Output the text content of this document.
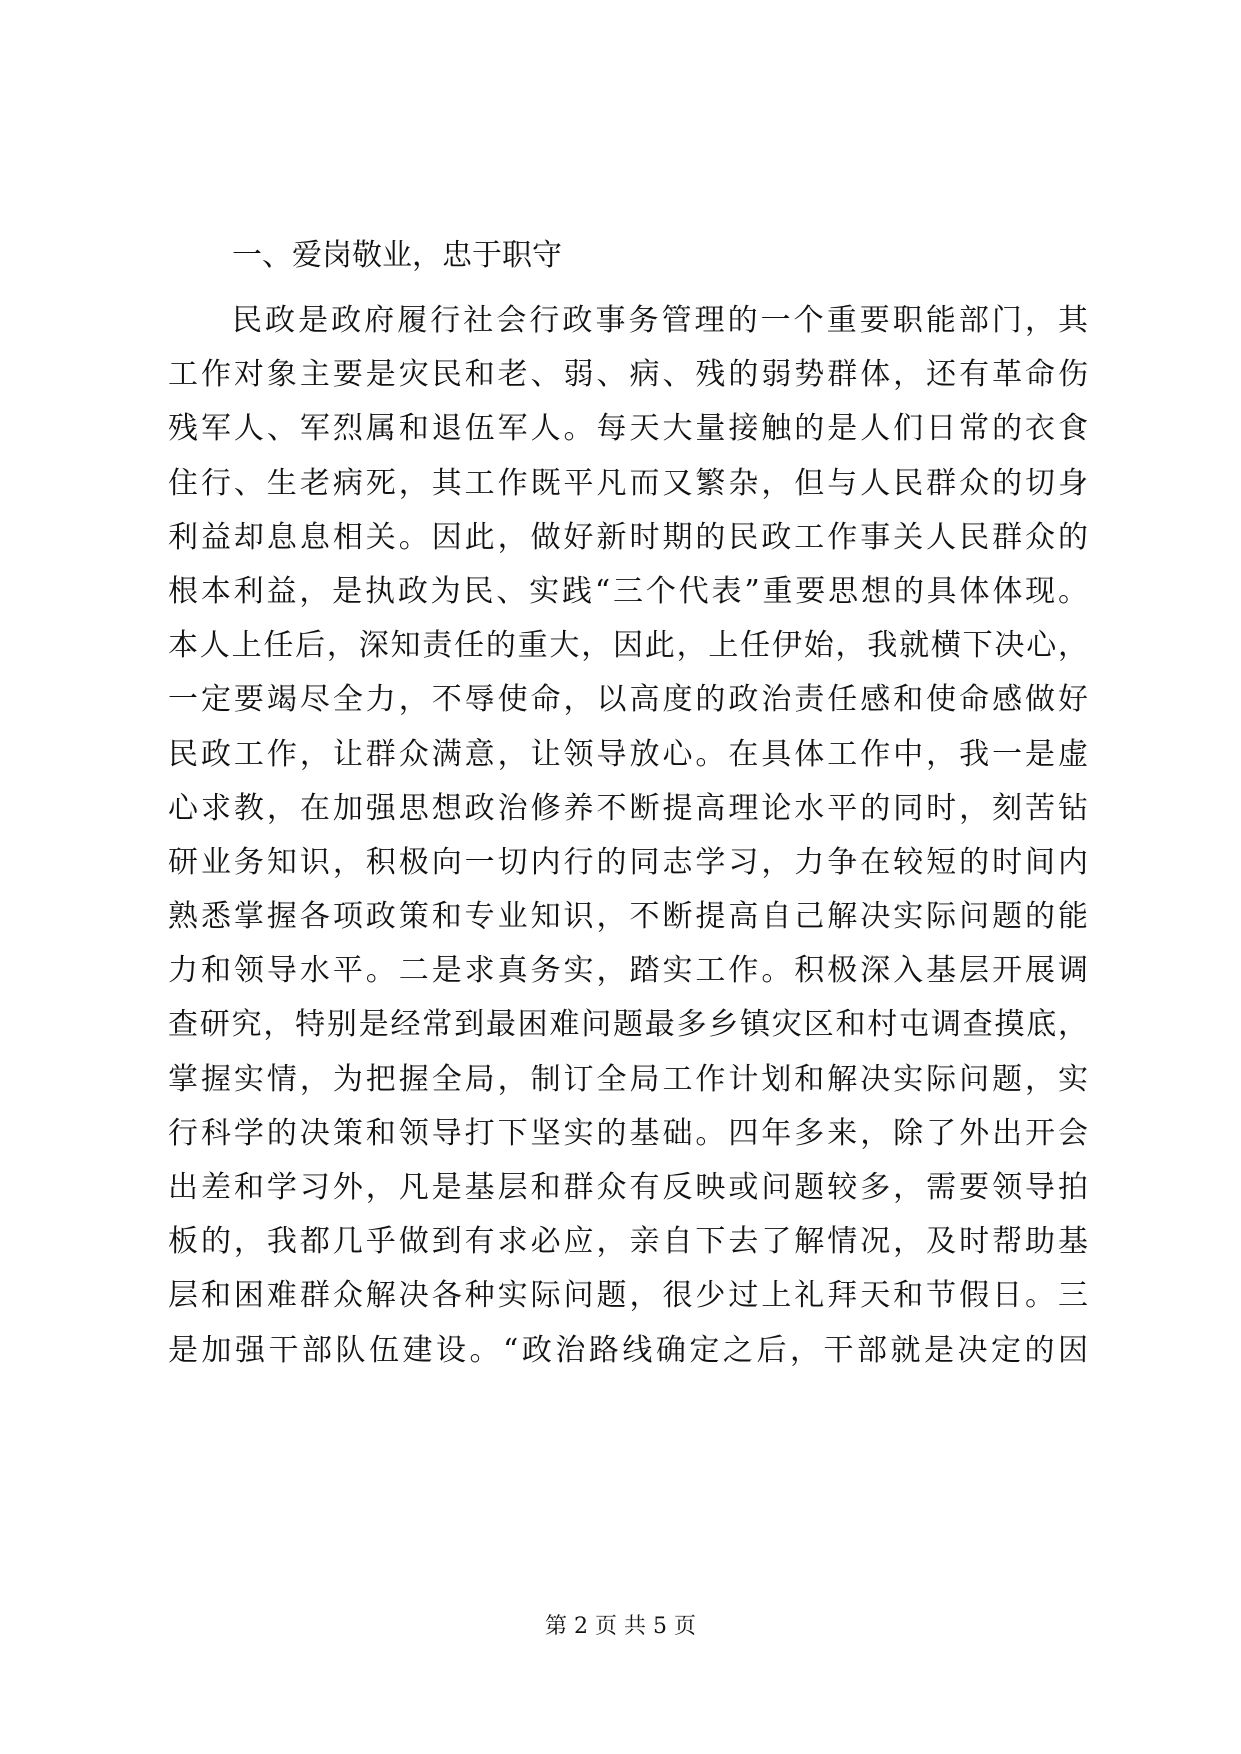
一、爱岗敬业，忠于职守
民政是政府履行社会行政事务管理的一个重要职能部门，其
工作对象主要是灾民和老、弱、病、残的弱势群体，还有革命伤
残军人、军烈属和退伍军人。每天大量接触的是人们日常的衣食
住行、生老病死，其工作既平凡而又繁杂，但与人民群众的切身
利益却息息相关。因此，做好新时期的民政工作事关人民群众的
根本利益，是执政为民、实践“三个代表”重要思想的具体体现。
本人上任后，深知责任的重大，因此，上任伊始，我就横下决心，
一定要竭尽全力，不辱使命，以高度的政治责任感和使命感做好
民政工作，让群众满意，让领导放心。在具体工作中，我一是虚
心求教，在加强思想政治修养不断提高理论水平的同时，刻苦钻
研业务知识，积极向一切内行的同志学习，力争在较短的时间内
熟悉掌握各项政策和专业知识，不断提高自己解决实际问题的能
力和领导水平。二是求真务实，踏实工作。积极深入基层开展调
查研究，特别是经常到最困难问题最多乡镇灾区和村屯调查摸底，
掌握实情，为把握全局，制订全局工作计划和解决实际问题，实
行科学的决策和领导打下坚实的基础。四年多来，除了外出开会
出差和学习外，凡是基层和群众有反映或问题较多，需要领导拍
板的，我都几乎做到有求必应，亲自下去了解情况，及时帮助基
层和困难群众解决各种实际问题，很少过上礼拜天和节假日。三
是加强干部队伍建设。“政治路线确定之后，干部就是决定的因
第 2 页 共 5 页
